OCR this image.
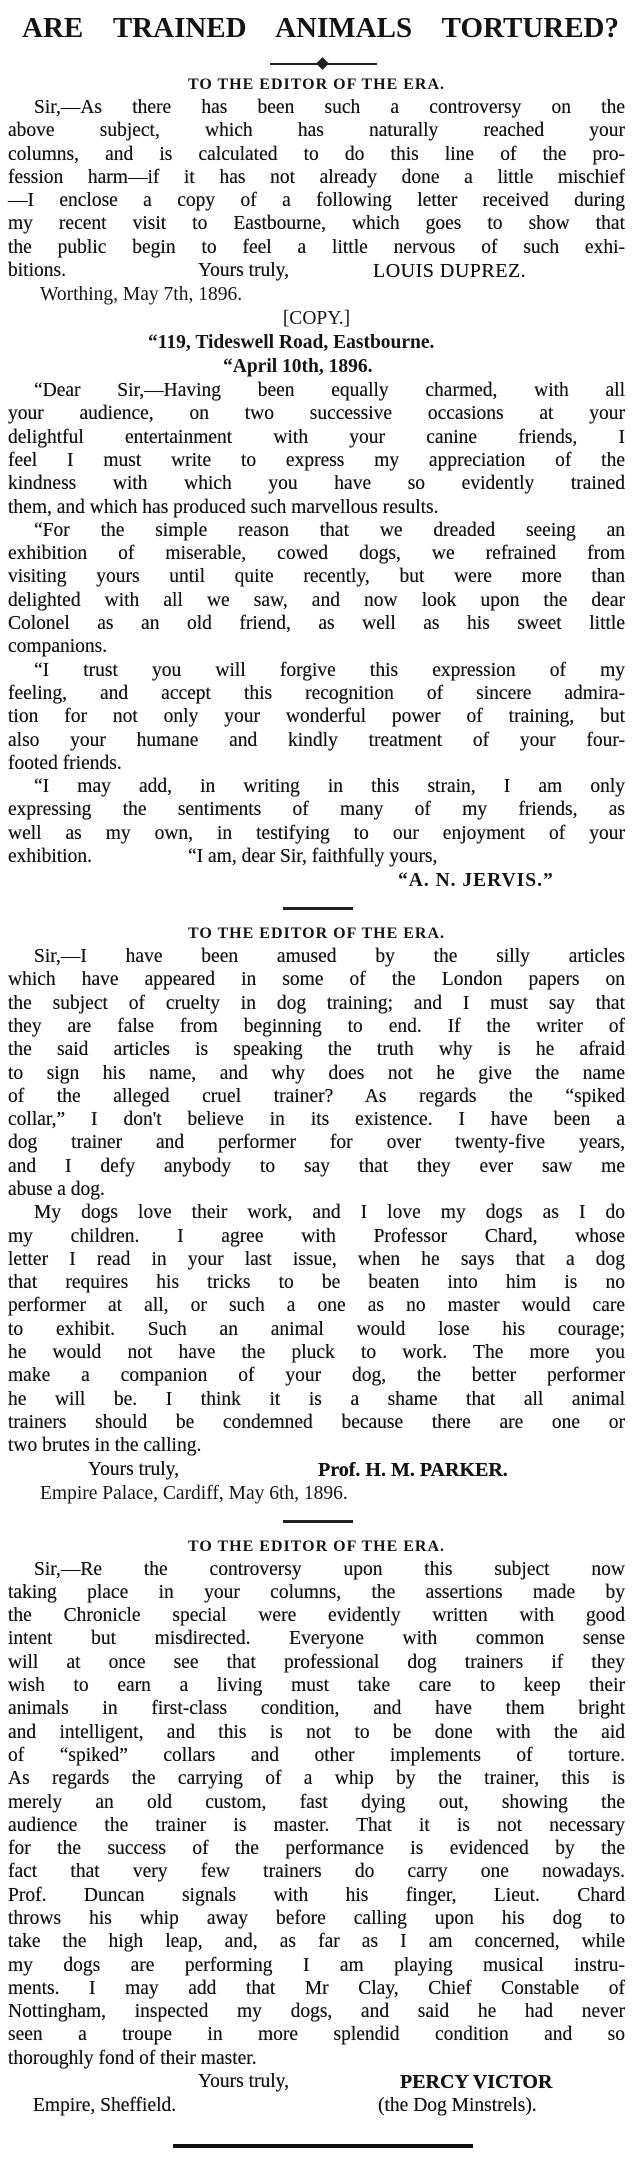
ARE TRAINED ANIMALS TORTURED?
TO THE EDITOR OF THE ERA.
Sir,—As there has been such a controversy on the
above subject, which has naturally reached your
columns, and is calculated to do this line of the pro-
fession harm—if it has not already done a little mischief
—I enclose a copy of a following letter received during
my recent visit to Eastbourne, which goes to show that
the public begin to feel a little nervous of such exhi-
bitions.	Yours truly,	LOUIS DUPREZ.
Worthing, May 7th, 1896.
[COPY.]
“119, Tideswell Road, Eastbourne.
“April 10th, 1896.
“Dear Sir,—Having been equally charmed, with all
your audience, on two successive occasions at your
delightful entertainment with your canine friends, I
feel I must write to express my appreciation of the
kindness with which you have so evidently trained
them, and which has produced such marvellous results.
“For the simple reason that we dreaded seeing an
exhibition of miserable, cowed dogs, we refrained from
visiting yours until quite recently, but were more than
delighted with all we saw, and now look upon the dear
Colonel as an old friend, as well as his sweet little
companions.
“I trust you will forgive this expression of my
feeling, and accept this recognition of sincere admira-
tion for not only your wonderful power of training, but
also your humane and kindly treatment of your four-
footed friends.
“I may add, in writing in this strain, I am only
expressing the sentiments of many of my friends, as
well as my own, in testifying to our enjoyment of your
exhibition.	“I am, dear Sir, faithfully yours,
“A. N. JERVIS.”
TO THE EDITOR OF THE ERA.
Sir,—I have been amused by the silly articles
which have appeared in some of the London papers on
the subject of cruelty in dog training; and I must say that
they are false from beginning to end. If the writer of
the said articles is speaking the truth why is he afraid
to sign his name, and why does not he give the name
of the alleged cruel trainer? As regards the “spiked
collar,” I don't believe in its existence. I have been a
dog trainer and performer for over twenty-five years,
and I defy anybody to say that they ever saw me
abuse a dog.
My dogs love their work, and I love my dogs as I do
my children. I agree with Professor Chard, whose
letter I read in your last issue, when he says that a dog
that requires his tricks to be beaten into him is no
performer at all, or such a one as no master would care
to exhibit. Such an animal would lose his courage;
he would not have the pluck to work. The more you
make a companion of your dog, the better performer
he will be. I think it is a shame that all animal
trainers should be condemned because there are one or
two brutes in the calling.
Yours truly,	Prof. H. M. PARKER.
Empire Palace, Cardiff, May 6th, 1896.
TO THE EDITOR OF THE ERA.
Sir,—Re the controversy upon this subject now
taking place in your columns, the assertions made by
the Chronicle special were evidently written with good
intent but misdirected. Everyone with common sense
will at once see that professional dog trainers if they
wish to earn a living must take care to keep their
animals in first-class condition, and have them bright
and intelligent, and this is not to be done with the aid
of “spiked” collars and other implements of torture.
As regards the carrying of a whip by the trainer, this is
merely an old custom, fast dying out, showing the
audience the trainer is master. That it is not necessary
for the success of the performance is evidenced by the
fact that very few trainers do carry one nowadays.
Prof. Duncan signals with his finger, Lieut. Chard
throws his whip away before calling upon his dog to
take the high leap, and, as far as I am concerned, while
my dogs are performing I am playing musical instru-
ments. I may add that Mr Clay, Chief Constable of
Nottingham, inspected my dogs, and said he had never
seen a troupe in more splendid condition and so
thoroughly fond of their master.
Yours truly,	PERCY VICTOR
Empire, Sheffield.	(the Dog Minstrels).
